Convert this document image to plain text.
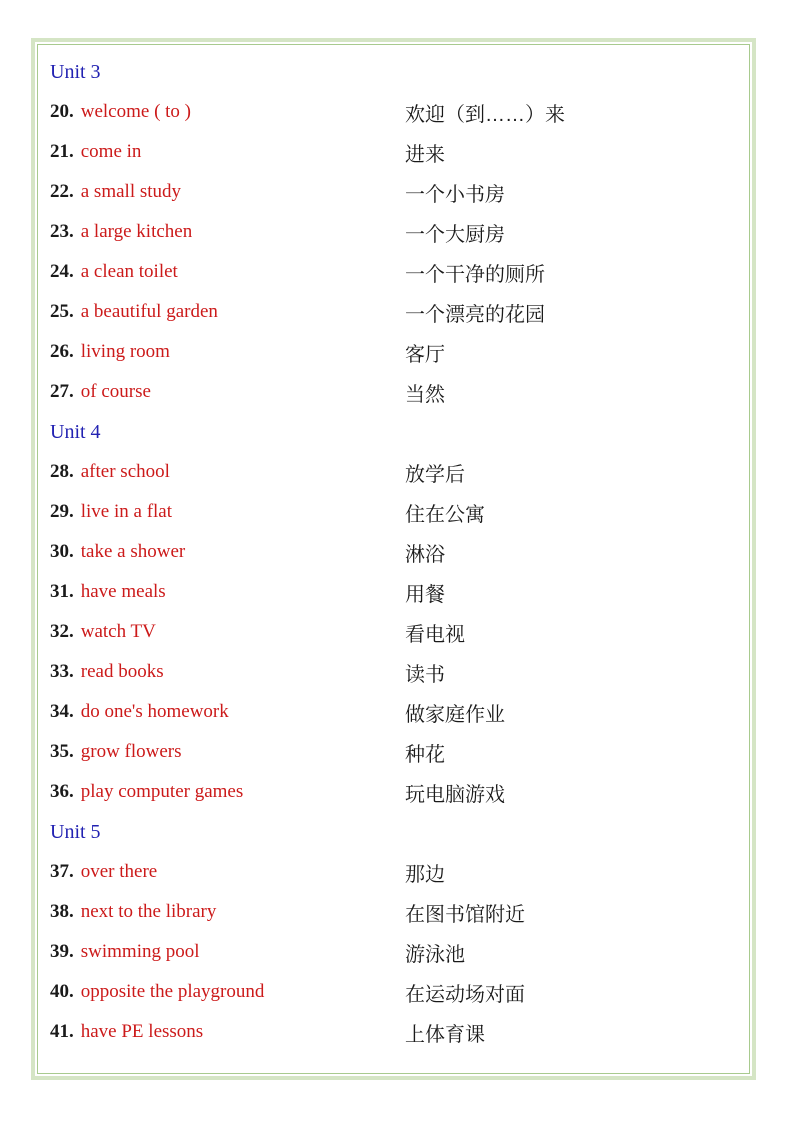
Unit 3
20. welcome ( to )	欢迎（到……）来
21. come in	进来
22. a small study	一个小书房
23. a large kitchen	一个大厨房
24. a clean toilet	一个干净的厕所
25. a beautiful garden	一个漂亮的花园
26. living room	客厅
27. of course	当然
Unit 4
28. after school	放学后
29. live in a flat	住在公寓
30. take a shower	淋浴
31. have meals	用餐
32. watch TV	看电视
33. read books	读书
34. do one's homework	做家庭作业
35. grow flowers	种花
36. play computer games	玩电脑游戏
Unit 5
37. over there	那边
38. next to the library	在图书馆附近
39. swimming pool	游泳池
40. opposite the playground	在运动场对面
41. have PE lessons	上体育课
